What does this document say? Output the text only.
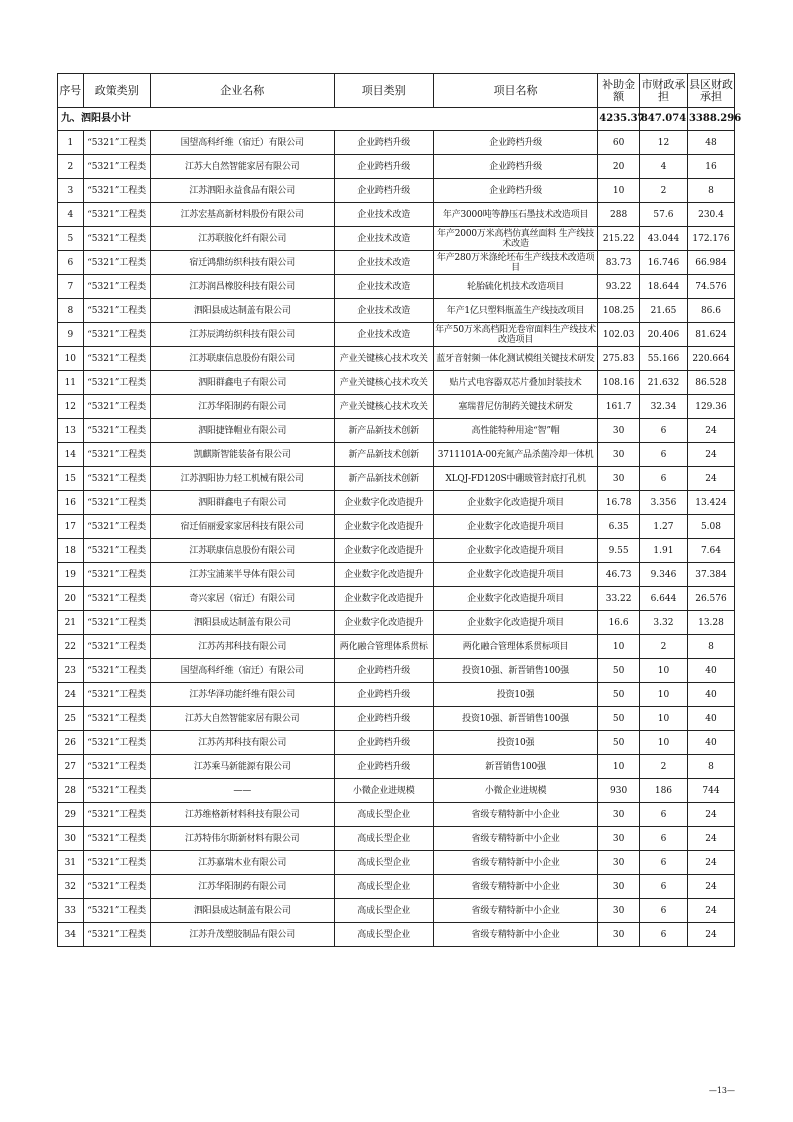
序号	政策类别	企业名称	项目类别	项目名称	补助金额	市财政承担	县区财政承担
九、泗阳县小计					4235.37	847.074	3388.296
1	“5321”工程类	国望高科纤维（宿迁）有限公司	企业跨档升级	企业跨档升级	60	12	48
2	“5321”工程类	江苏大自然智能家居有限公司	企业跨档升级	企业跨档升级	20	4	16
3	“5321”工程类	江苏泗阳永益食品有限公司	企业跨档升级	企业跨档升级	10	2	8
4	“5321”工程类	江苏宏基高新材料股份有限公司	企业技术改造	年产3000吨等静压石墨技术改造项目	288	57.6	230.4
5	“5321”工程类	江苏联胺化纤有限公司	企业技术改造	年产2000万米高档仿真丝面料 生产线技术改造	215.22	43.044	172.176
6	“5321”工程类	宿迁鸿鼎纺织科技有限公司	企业技术改造	年产280万米涤纶坯布生产线技术改造项目	83.73	16.746	66.984
7	“5321”工程类	江苏润昌橡胶科技有限公司	企业技术改造	轮胎硫化机技术改造项目	93.22	18.644	74.576
8	“5321”工程类	泗阳县成达制盖有限公司	企业技术改造	年产1亿只塑料瓶盖生产线技改项目	108.25	21.65	86.6
9	“5321”工程类	江苏辰鸿纺织科技有限公司	企业技术改造	年产50万米高档阳光卷帘面料生产线技术改造项目	102.03	20.406	81.624
10	“5321”工程类	江苏联康信息股份有限公司	产业关键核心技术攻关	蓝牙音射频一体化测试模组关键技术研发	275.83	55.166	220.664
11	“5321”工程类	泗阳群鑫电子有限公司	产业关键核心技术攻关	贴片式电容器双芯片叠加封装技术	108.16	21.632	86.528
12	“5321”工程类	江苏华阳制药有限公司	产业关键核心技术攻关	塞瑞普尼仿制药关键技术研发	161.7	32.34	129.36
13	“5321”工程类	泗阳捷锋帽业有限公司	新产品新技术创新	高性能特种用途“智”帽	30	6	24
14	“5321”工程类	凯麒斯智能装备有限公司	新产品新技术创新	3711101A-00充氮产品杀菌冷却一体机	30	6	24
15	“5321”工程类	江苏泗阳协力轻工机械有限公司	新产品新技术创新	XLQJ-FD120S中硼玻管封底打孔机	30	6	24
16	“5321”工程类	泗阳群鑫电子有限公司	企业数字化改造提升	企业数字化改造提升项目	16.78	3.356	13.424
17	“5321”工程类	宿迁佰丽爱家家居科技有限公司	企业数字化改造提升	企业数字化改造提升项目	6.35	1.27	5.08
18	“5321”工程类	江苏联康信息股份有限公司	企业数字化改造提升	企业数字化改造提升项目	9.55	1.91	7.64
19	“5321”工程类	江苏宝浦莱半导体有限公司	企业数字化改造提升	企业数字化改造提升项目	46.73	9.346	37.384
20	“5321”工程类	奇兴家居（宿迁）有限公司	企业数字化改造提升	企业数字化改造提升项目	33.22	6.644	26.576
21	“5321”工程类	泗阳县成达制盖有限公司	企业数字化改造提升	企业数字化改造提升项目	16.6	3.32	13.28
22	“5321”工程类	江苏芮邦科技有限公司	两化融合管理体系贯标	两化融合管理体系贯标项目	10	2	8
23	“5321”工程类	国望高科纤维（宿迁）有限公司	企业跨档升级	投资10强、新晋销售100强	50	10	40
24	“5321”工程类	江苏华泽功能纤维有限公司	企业跨档升级	投资10强	50	10	40
25	“5321”工程类	江苏大自然智能家居有限公司	企业跨档升级	投资10强、新晋销售100强	50	10	40
26	“5321”工程类	江苏芮邦科技有限公司	企业跨档升级	投资10强	50	10	40
27	“5321”工程类	江苏乘马新能源有限公司	企业跨档升级	新晋销售100强	10	2	8
28	“5321”工程类	——	小微企业进规模	小微企业进规模	930	186	744
29	“5321”工程类	江苏维格新材料科技有限公司	高成长型企业	省级专精特新中小企业	30	6	24
30	“5321”工程类	江苏特伟尔斯新材料有限公司	高成长型企业	省级专精特新中小企业	30	6	24
31	“5321”工程类	江苏嘉瑞木业有限公司	高成长型企业	省级专精特新中小企业	30	6	24
32	“5321”工程类	江苏华阳制药有限公司	高成长型企业	省级专精特新中小企业	30	6	24
33	“5321”工程类	泗阳县成达制盖有限公司	高成长型企业	省级专精特新中小企业	30	6	24
34	“5321”工程类	江苏升茂塑胶制品有限公司	高成长型企业	省级专精特新中小企业	30	6	24
—13—
